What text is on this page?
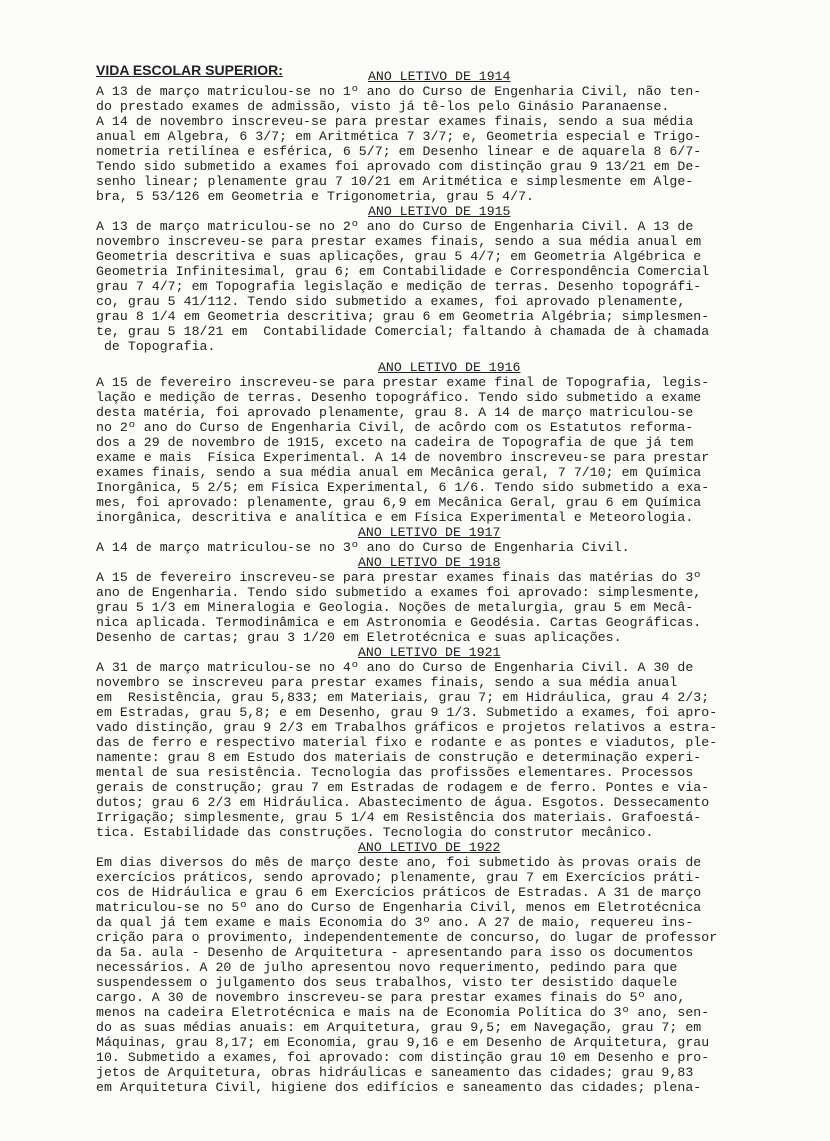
VIDA ESCOLAR SUPERIOR:	ANO LETIVO DE 1914
A 13 de março matriculou-se no 1º ano do Curso de Engenharia Civil, não ten-
do prestado exames de admissão, visto já tê-los pelo Ginásio Paranaense.
A 14 de novembro inscreveu-se para prestar exames finais, sendo a sua média
anual em Algebra, 6 3/7; em Aritmética 7 3/7; e, Geometria especial e Trigo-
nometria retilínea e esférica, 6 5/7; em Desenho linear e de aquarela 8 6/7-
Tendo sido submetido a exames foi aprovado com distinção grau 9 13/21 em De-
senho linear; plenamente grau 7 10/21 em Aritmética e simplesmente em Alge-
bra, 5 53/126 em Geometria e Trigonometria, grau 5 4/7.
ANO LETIVO DE 1915
A 13 de março matriculou-se no 2º ano do Curso de Engenharia Civil. A 13 de
novembro inscreveu-se para prestar exames finais, sendo a sua média anual em
Geometria descritiva e suas aplicações, grau 5 4/7; em Geometria Algébrica e
Geometria Infinitesimal, grau 6; em Contabilidade e Correspondência Comercial
grau 7 4/7; em Topografia legislação e medição de terras. Desenho topográfi-
co, grau 5 41/112. Tendo sido submetido a exames, foi aprovado plenamente,
grau 8 1/4 em Geometria descritiva; grau 6 em Geometria Algébria; simplesmen-
te, grau 5 18/21 em  Contabilidade Comercial; faltando à chamada de à chamada
de Topografia.
ANO LETIVO DE 1916
A 15 de fevereiro inscreveu-se para prestar exame final de Topografia, legis-
lação e medição de terras. Desenho topográfico. Tendo sido submetido a exame
desta matéria, foi aprovado plenamente, grau 8. A 14 de março matriculou-se
no 2º ano do Curso de Engenharia Civil, de acôrdo com os Estatutos reforma-
dos a 29 de novembro de 1915, exceto na cadeira de Topografia de que já tem
exame e mais  Física Experimental. A 14 de novembro inscreveu-se para prestar
exames finais, sendo a sua média anual em Mecânica geral, 7 7/10; em Química
Inorgânica, 5 2/5; em Física Experimental, 6 1/6. Tendo sido submetido a exa-
mes, foi aprovado: plenamente, grau 6,9 em Mecânica Geral, grau 6 em Química
inorgânica, descritiva e analítica e em Física Experimental e Meteorologia.
ANO LETIVO DE 1917
A 14 de março matriculou-se no 3º ano do Curso de Engenharia Civil.
ANO LETIVO DE 1918
A 15 de fevereiro inscreveu-se para prestar exames finais das matérias do 3º
ano de Engenharia. Tendo sido submetido a exames foi aprovado: simplesmente,
grau 5 1/3 em Mineralogia e Geologia. Noções de metalurgia, grau 5 em Mecâ-
nica aplicada. Termodinâmica e em Astronomia e Geodésia. Cartas Geográficas.
Desenho de cartas; grau 3 1/20 em Eletrotécnica e suas aplicações.
ANO LETIVO DE 1921
A 31 de março matriculou-se no 4º ano do Curso de Engenharia Civil. A 30 de
novembro se inscreveu para prestar exames finais, sendo a sua média anual
em  Resistência, grau 5,833; em Materiais, grau 7; em Hidráulica, grau 4 2/3;
em Estradas, grau 5,8; e em Desenho, grau 9 1/3. Submetido a exames, foi apro-
vado distinção, grau 9 2/3 em Trabalhos gráficos e projetos relativos a estra-
das de ferro e respectivo material fixo e rodante e as pontes e viadutos, ple-
namente: grau 8 em Estudo dos materiais de construção e determinação experi-
mental de sua resistência. Tecnologia das profissões elementares. Processos
gerais de construção; grau 7 em Estradas de rodagem e de ferro. Pontes e via-
dutos; grau 6 2/3 em Hidráulica. Abastecimento de água. Esgotos. Dessecamento
Irrigação; simplesmente, grau 5 1/4 em Resistência dos materiais. Grafoestá-
tica. Estabilidade das construções. Tecnologia do construtor mecânico.
ANO LETIVO DE 1922
Em dias diversos do mês de março deste ano, foi submetido às provas orais de
exercícios práticos, sendo aprovado; plenamente, grau 7 em Exercícios práti-
cos de Hidráulica e grau 6 em Exercícios práticos de Estradas. A 31 de março
matriculou-se no 5º ano do Curso de Engenharia Civil, menos em Eletrotécnica
da qual já tem exame e mais Economia do 3º ano. A 27 de maio, requereu ins-
crição para o provimento, independentemente de concurso, do lugar de professor
da 5a. aula - Desenho de Arquitetura - apresentando para isso os documentos
necessários. A 20 de julho apresentou novo requerimento, pedindo para que
suspendessem o julgamento dos seus trabalhos, visto ter desistido daquele
cargo. A 30 de novembro inscreveu-se para prestar exames finais do 5º ano,
menos na cadeira Eletrotécnica e mais na de Economia Política do 3º ano, sen-
do as suas médias anuais: em Arquitetura, grau 9,5; em Navegação, grau 7; em
Máquinas, grau 8,17; em Economia, grau 9,16 e em Desenho de Arquitetura, grau
10. Submetido a exames, foi aprovado: com distinção grau 10 em Desenho e pro-
jetos de Arquitetura, obras hidráulicas e saneamento das cidades; grau 9,83
em Arquitetura Civil, higiene dos edifícios e saneamento das cidades; plena-
